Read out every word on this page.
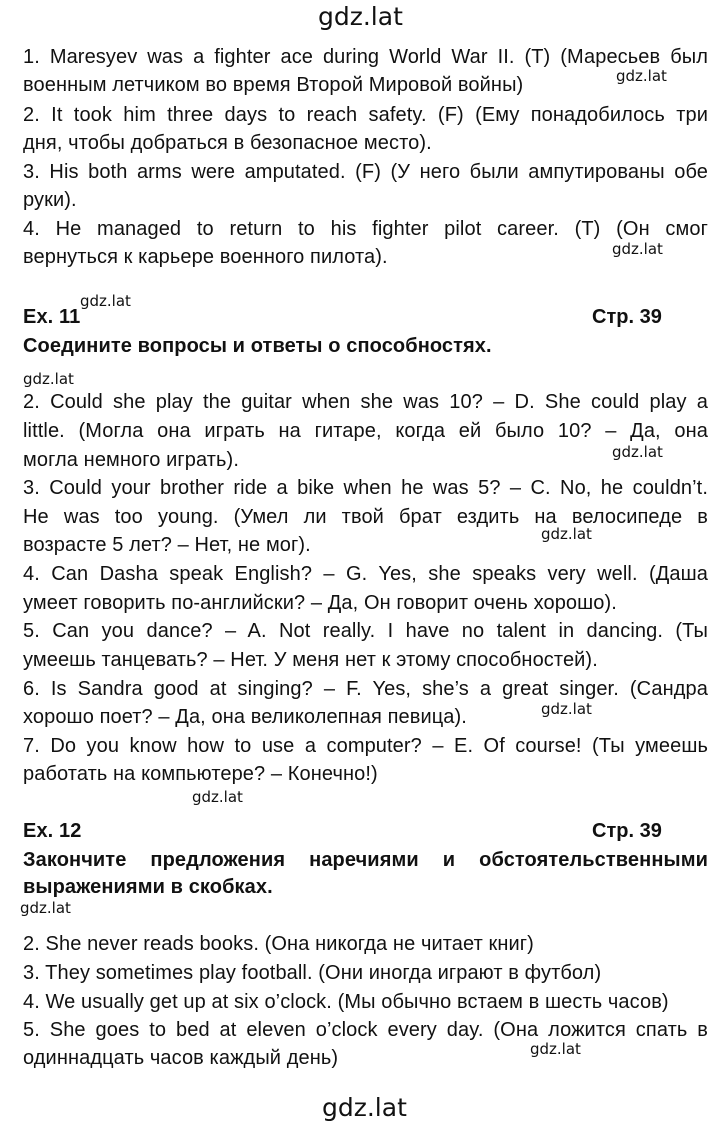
gdz.lat
1. Maresyev was a fighter ace during World War II. (T) (Маресьев был
военным летчиком во время Второй Мировой войны)	gdz.lat
2. It took him three days to reach safety. (F) (Ему понадобилось три
дня, чтобы добраться в безопасное место).
3. His both arms were amputated. (F) (У него были ампутированы обе
руки).
4. He managed to return to his fighter pilot career. (T) (Он смог
gdz.lat
вернуться к карьере военного пилота).
Ex. 11
gdz.lat
Стр. 39
Соедините вопросы и ответы о способностях.
gdz.lat
2. Could she play the guitar when she was 10? – D. She could play a
little. (Могла она играть на гитаре, когда ей было 10? – Да, она
gdz.lat
могла немного играть).
3. Could your brother ride a bike when he was 5? – C. No, he couldn’t.
He was too young. (Умел ли твой брат ездить на велосипеде в
gdz.lat
возрасте 5 лет? – Нет, не мог).
4. Can Dasha speak English? – G. Yes, she speaks very well. (Даша
умеет говорить по-английски? – Да, Он говорит очень хорошо).
5. Can you dance? – A. Not really. I have no talent in dancing. (Ты
умеешь танцевать? – Нет. У меня нет к этому способностей).
6. Is Sandra good at singing? – F. Yes, she’s a great singer. (Сандра
gdz.lat
хорошо поет? – Да, она великолепная певица).
7. Do you know how to use a computer? – E. Of course! (Ты умеешь
работать на компьютере? – Конечно!)
gdz.lat
Ex. 12	Стр. 39
Закончите предложения наречиями и обстоятельственными
выражениями в скобках.
gdz.lat
2. She never reads books. (Она никогда не читает книг)
3. They sometimes play football. (Они иногда играют в футбол)
4. We usually get up at six o’clock. (Мы обычно встаем в шесть часов)
5. She goes to bed at eleven o’clock every day. (Она ложится спать в
gdz.lat
одиннадцать часов каждый день)
gdz.lat
